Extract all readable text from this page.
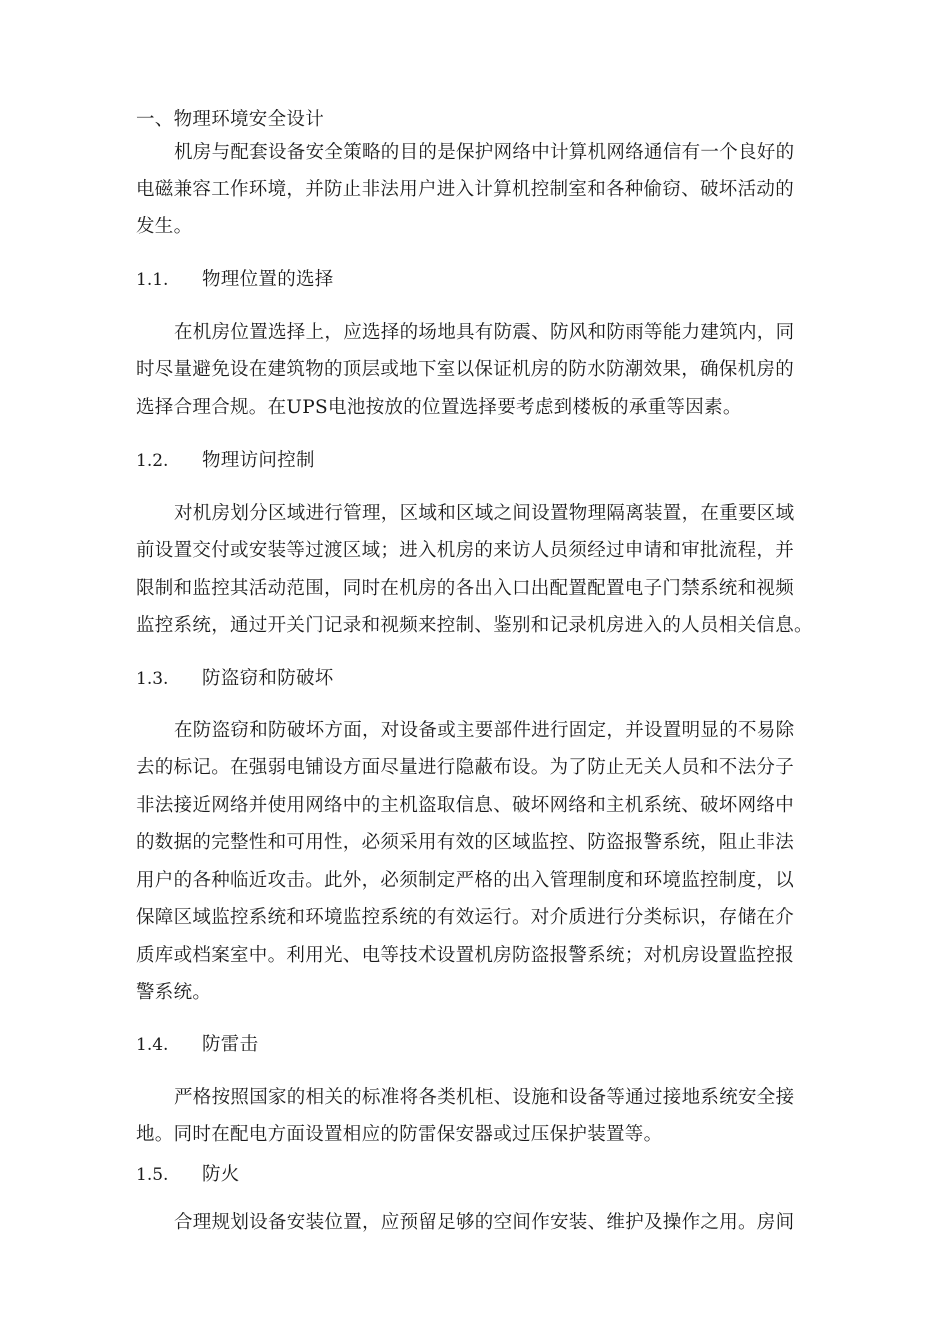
一、物理环境安全设计
机房与配套设备安全策略的目的是保护网络中计算机网络通信有一个良好的
电磁兼容工作环境，并防止非法用户进入计算机控制室和各种偷窃、破坏活动的
发生。
1.1. 物理位置的选择
在机房位置选择上，应选择的场地具有防震、防风和防雨等能力建筑内，同
时尽量避免设在建筑物的顶层或地下室以保证机房的防水防潮效果，确保机房的
选择合理合规。在UPS电池按放的位置选择要考虑到楼板的承重等因素。
1.2. 物理访问控制
对机房划分区域进行管理，区域和区域之间设置物理隔离装置，在重要区域
前设置交付或安装等过渡区域；进入机房的来访人员须经过申请和审批流程，并
限制和监控其活动范围，同时在机房的各出入口出配置配置电子门禁系统和视频
监控系统，通过开关门记录和视频来控制、鉴别和记录机房进入的人员相关信息。
1.3. 防盗窃和防破坏
在防盗窃和防破坏方面，对设备或主要部件进行固定，并设置明显的不易除
去的标记。在强弱电铺设方面尽量进行隐蔽布设。为了防止无关人员和不法分子
非法接近网络并使用网络中的主机盗取信息、破坏网络和主机系统、破坏网络中
的数据的完整性和可用性，必须采用有效的区域监控、防盗报警系统，阻止非法
用户的各种临近攻击。此外，必须制定严格的出入管理制度和环境监控制度，以
保障区域监控系统和环境监控系统的有效运行。对介质进行分类标识，存储在介
质库或档案室中。利用光、电等技术设置机房防盗报警系统；对机房设置监控报
警系统。
1.4. 防雷击
严格按照国家的相关的标准将各类机柜、设施和设备等通过接地系统安全接
地。同时在配电方面设置相应的防雷保安器或过压保护装置等。
1.5. 防火
合理规划设备安装位置，应预留足够的空间作安装、维护及操作之用。房间
